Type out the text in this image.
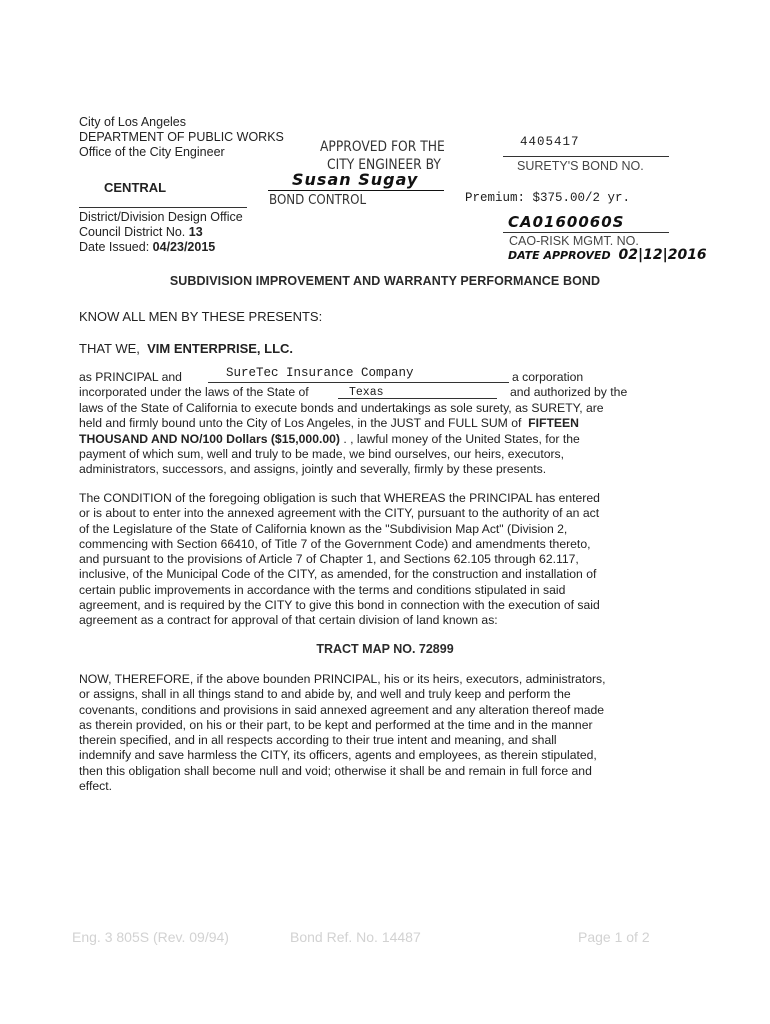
City of Los Angeles
DEPARTMENT OF PUBLIC WORKS
Office of the City Engineer
CENTRAL
District/Division Design Office
Council District No. 13
Date Issued: 04/23/2015
APPROVED FOR THE
CITY ENGINEER BY
Susan Sugay
BOND CONTROL
4405417
SURETY'S BOND NO.
Premium: $375.00/2 yr.
CA0160060S
CAO-RISK MGMT. NO.
DATE APPROVED 02|12|2016
SUBDIVISION IMPROVEMENT AND WARRANTY PERFORMANCE BOND
KNOW ALL MEN BY THESE PRESENTS:
THAT WE, VIM ENTERPRISE, LLC.
as PRINCIPAL and	SureTec Insurance Company	a corporation
incorporated under the laws of the State of	Texas	and authorized by the

laws of the State of California to execute bonds and undertakings as sole surety, as SURETY, are

held and firmly bound unto the City of Los Angeles, in the JUST and FULL SUM of FIFTEEN

THOUSAND AND NO/100 Dollars ($15,000.00) . , lawful money of the United States, for the

payment of which sum, well and truly to be made, we bind ourselves, our heirs, executors,

administrators, successors, and assigns, jointly and severally, firmly by these presents.

The CONDITION of the foregoing obligation is such that WHEREAS the PRINCIPAL has entered

or is about to enter into the annexed agreement with the CITY, pursuant to the authority of an act

of the Legislature of the State of California known as the "Subdivision Map Act" (Division 2,

commencing with Section 66410, of Title 7 of the Government Code) and amendments thereto,

and pursuant to the provisions of Article 7 of Chapter 1, and Sections 62.105 through 62.117,

inclusive, of the Municipal Code of the CITY, as amended, for the construction and installation of

certain public improvements in accordance with the terms and conditions stipulated in said

agreement, and is required by the CITY to give this bond in connection with the execution of said

agreement as a contract for approval of that certain division of land known as:

TRACT MAP NO. 72899

NOW, THEREFORE, if the above bounden PRINCIPAL, his or its heirs, executors, administrators,

or assigns, shall in all things stand to and abide by, and well and truly keep and perform the

covenants, conditions and provisions in said annexed agreement and any alteration thereof made

as therein provided, on his or their part, to be kept and performed at the time and in the manner

therein specified, and in all respects according to their true intent and meaning, and shall

indemnify and save harmless the CITY, its officers, agents and employees, as therein stipulated,

then this obligation shall become null and void; otherwise it shall be and remain in full force and

effect.

Eng. 3 805S (Rev. 09/94)	Bond Ref. No. 14487	Page 1 of 2
